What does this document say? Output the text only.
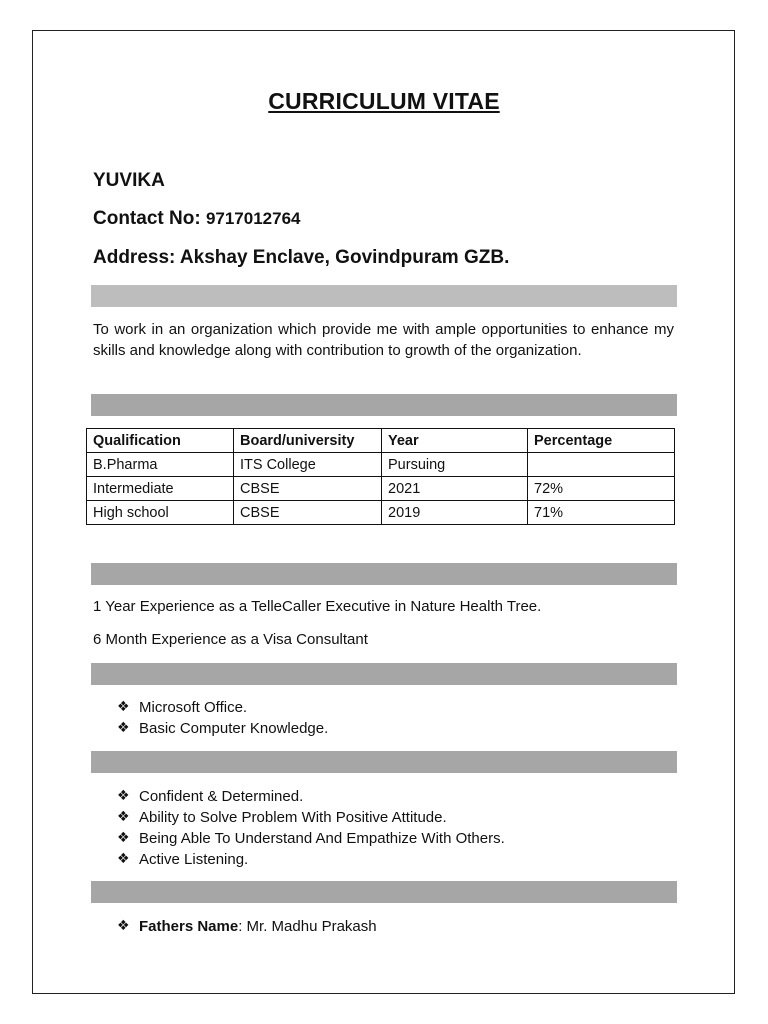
CURRICULUM VITAE
YUVIKA
Contact No: 9717012764
Address: Akshay Enclave, Govindpuram GZB.
To work in an organization which provide me with ample opportunities to enhance my skills and knowledge along with contribution to growth of the organization.
Qualification	Board/university	Year	Percentage
B.Pharma	ITS College	Pursuing	
Intermediate	CBSE	2021	72%
High school	CBSE	2019	71%
1 Year Experience as a TelleCaller Executive in Nature Health Tree.
6 Month Experience as a Visa Consultant
❖ Microsoft Office.
❖ Basic Computer Knowledge.
❖ Confident & Determined.
❖ Ability to Solve Problem With Positive Attitude.
❖ Being Able To Understand And Empathize With Others.
❖ Active Listening.
❖ Fathers Name: Mr. Madhu Prakash
